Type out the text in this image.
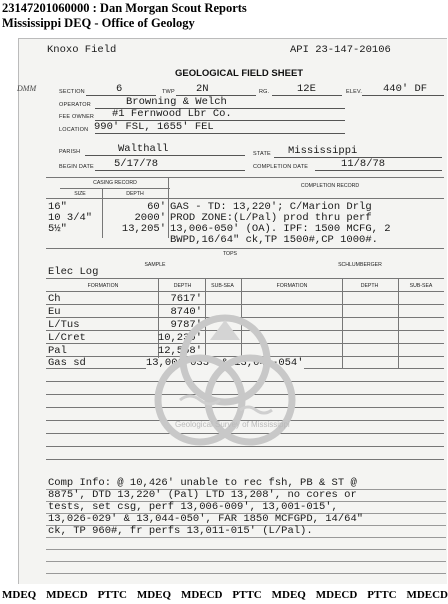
23147201060000 : Dan Morgan Scout Reports
Mississippi DEQ - Office of Geology
Knoxo Field	API 23-147-20106
DMM
GEOLOGICAL FIELD SHEET
SECTION	6	TWP 2N	RG.	12E	ELEV. 440' DF
OPERATOR	Browning & Welch
FEE OWNER #1 Fernwood Lbr Co.
LOCATION 990' FSL, 1655' FEL
PARISH	Walthall	STATE Mississippi
BEGIN DATE 5/17/78	COMPLETION DATE	11/8/78
CASING RECORD	COMPLETION RECORD
SIZE	DEPTH
16"	60'
10 3/4"	2000'
5½"	13,205'
GAS - TD: 13,220'; C/Marion Drlg
PROD ZONE:(L/Pal) prod thru perf
13,006-050' (OA). IPF: 1500 MCFG, 2
BWPD,16/64" ck,TP 1500#,CP 1000#.
TOPS
Elec Log
SAMPLE	SCHLUMBERGER
FORMATION	DEPTH	SUB-SEA	FORMATION	DEPTH	SUB-SEA
Ch	7617'
Eu	8740'
L/Tus	9787'
L/Cret	10,230'
Pal	12,558'
Gas sd	13,006-033' & 13,044-054'
Geological Survey of Mississippi
Comp Info: @ 10,426' unable to rec fsh, PB & ST @
8875', DTD 13,220' (Pal) LTD 13,208', no cores or
tests, set csg, perf 13,006-009', 13,001-015',
13,026-029' & 13,044-050', FAR 1850 MCFGPD, 14/64"
ck, TP 960#, fr perfs 13,011-015' (L/Pal).
MDEQ MDECD PTTC MDEQ MDECD PTTC MDEQ MDECD PTTC MDECD
